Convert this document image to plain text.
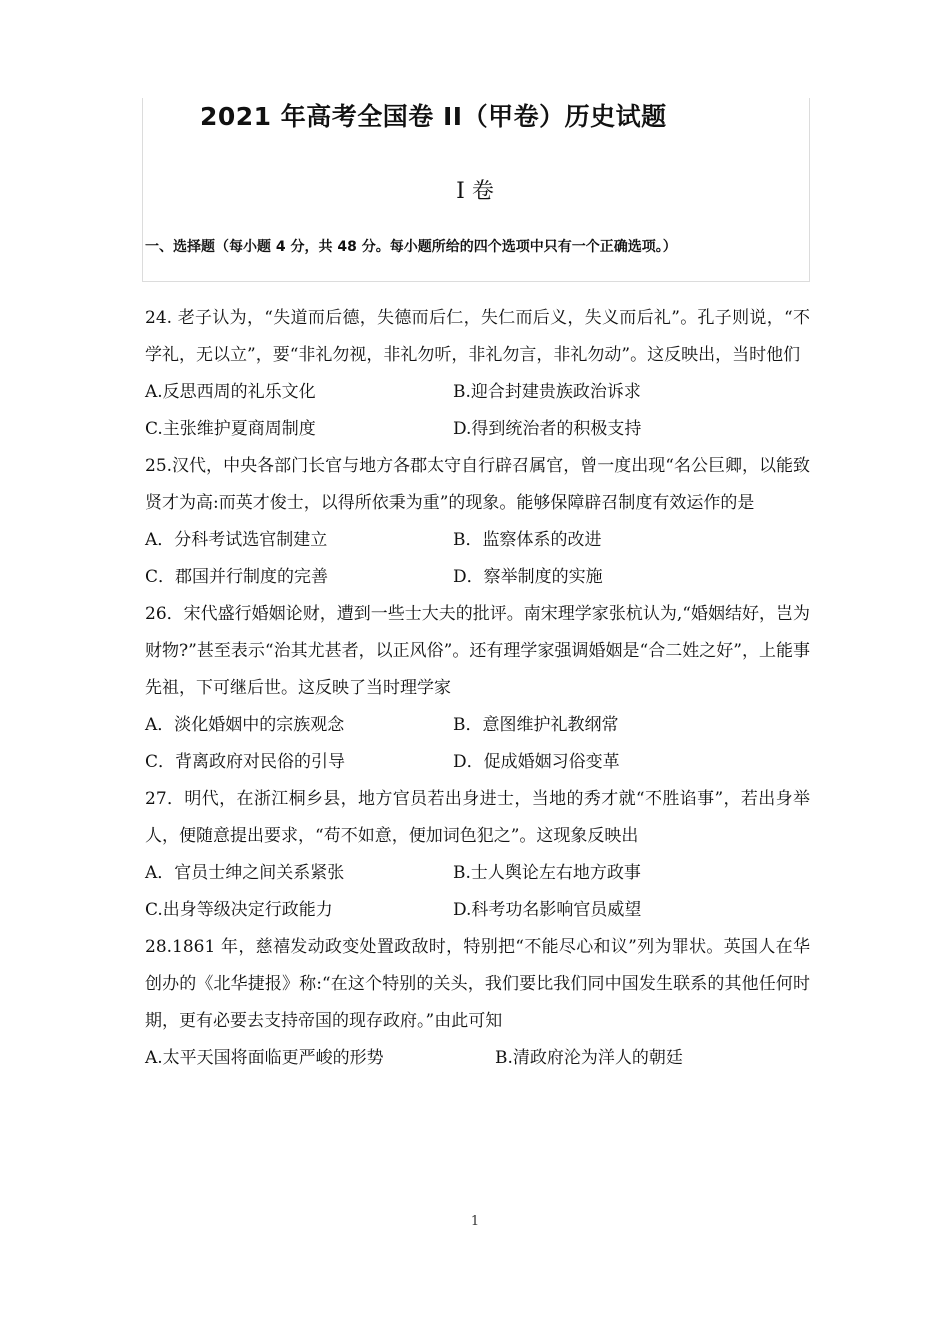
2021 年高考全国卷 II（甲卷）历史试题
I 卷
一、选择题（每小题 4 分，共 48 分。每小题所给的四个选项中只有一个正确选项。）

24. 老子认为，“失道而后德，失德而后仁，失仁而后义，失义而后礼”。孔子则说，“不学礼，无以立”，要“非礼勿视，非礼勿听，非礼勿言，非礼勿动”。这反映出，当时他们

A.反思西周的礼乐文化	B.迎合封建贵族政治诉求
C.主张维护夏商周制度	D.得到统治者的积极支持

25.汉代，中央各部门长官与地方各郡太守自行辟召属官，曾一度出现“名公巨卿，以能致贤才为高:而英才俊士，以得所依秉为重”的现象。能够保障辟召制度有效运作的是

A．分科考试选官制建立	B．监察体系的改进
C．郡国并行制度的完善	D．察举制度的实施

26．宋代盛行婚姻论财，遭到一些士大夫的批评。南宋理学家张杭认为,“婚姻结好，岂为财物?”甚至表示“治其尤甚者，以正风俗”。还有理学家强调婚姻是“合二姓之好”，上能事先祖，下可继后世。这反映了当时理学家

A．淡化婚姻中的宗族观念	B．意图维护礼教纲常
C．背离政府对民俗的引导	D．促成婚姻习俗变革

27．明代，在浙江桐乡县，地方官员若出身进士，当地的秀才就“不胜谄事”，若出身举人，便随意提出要求，“苟不如意，便加词色犯之”。这现象反映出

A．官员士绅之间关系紧张	B.士人舆论左右地方政事
C.出身等级决定行政能力	D.科考功名影响官员威望

28.1861 年，慈禧发动政变处置政敌时，特别把“不能尽心和议”列为罪状。英国人在华创办的《北华捷报》称:“在这个特别的关头，我们要比我们同中国发生联系的其他任何时期，更有必要去支持帝国的现存政府。”由此可知

A.太平天国将面临更严峻的形势	B.清政府沦为洋人的朝廷
1
